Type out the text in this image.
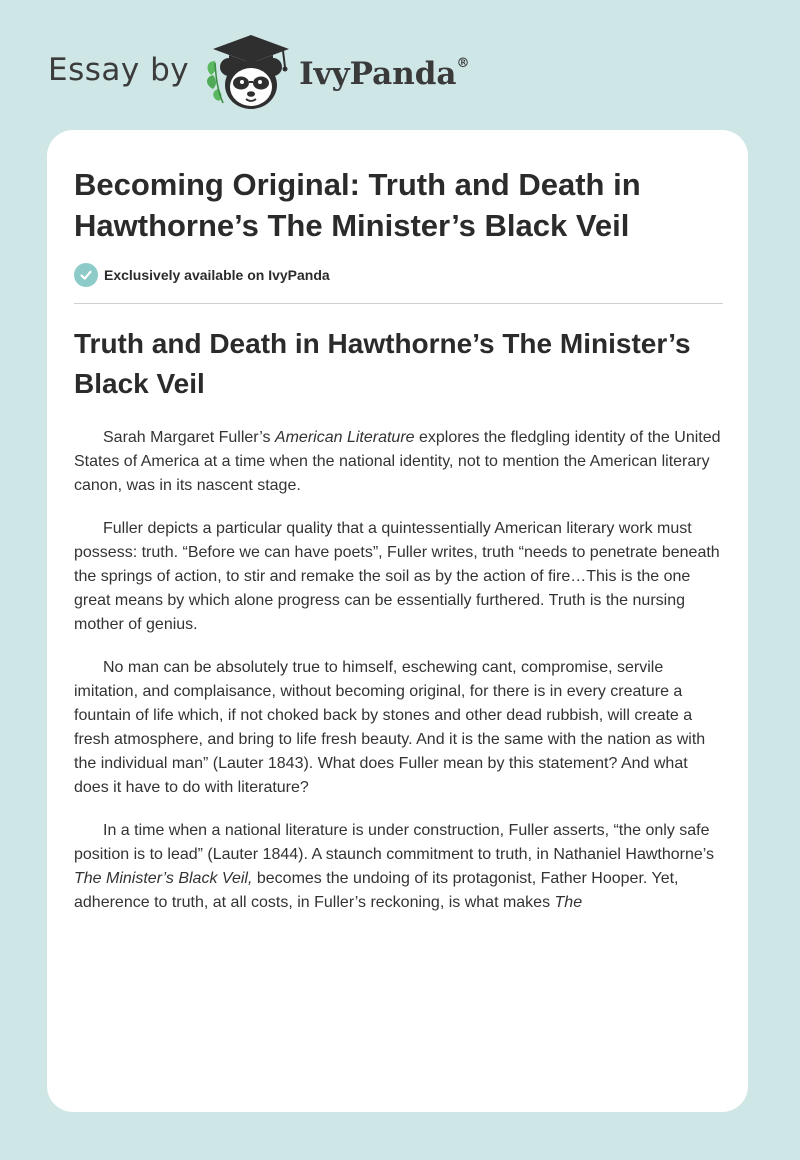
Essay by	IvyPanda®
Becoming Original: Truth and Death in
Hawthorne’s The Minister’s Black Veil
Exclusively available on IvyPanda
Truth and Death in Hawthorne’s The Minister’s Black Veil

Sarah Margaret Fuller’s American Literature explores the fledgling identity of the United States of America at a time when the national identity, not to mention the American literary canon, was in its nascent stage.

Fuller depicts a particular quality that a quintessentially American literary work must possess: truth. “Before we can have poets”, Fuller writes, truth “needs to penetrate beneath the springs of action, to stir and remake the soil as by the action of fire…This is the one great means by which alone progress can be essentially furthered. Truth is the nursing mother of genius.

No man can be absolutely true to himself, eschewing cant, compromise, servile imitation, and complaisance, without becoming original, for there is in every creature a fountain of life which, if not choked back by stones and other dead rubbish, will create a fresh atmosphere, and bring to life fresh beauty. And it is the same with the nation as with the individual man” (Lauter 1843). What does Fuller mean by this statement? And what does it have to do with literature?

In a time when a national literature is under construction, Fuller asserts, “the only safe position is to lead” (Lauter 1844). A staunch commitment to truth, in Nathaniel Hawthorne’s The Minister’s Black Veil, becomes the undoing of its protagonist, Father Hooper. Yet, adherence to truth, at all costs, in Fuller’s reckoning, is what makes The
